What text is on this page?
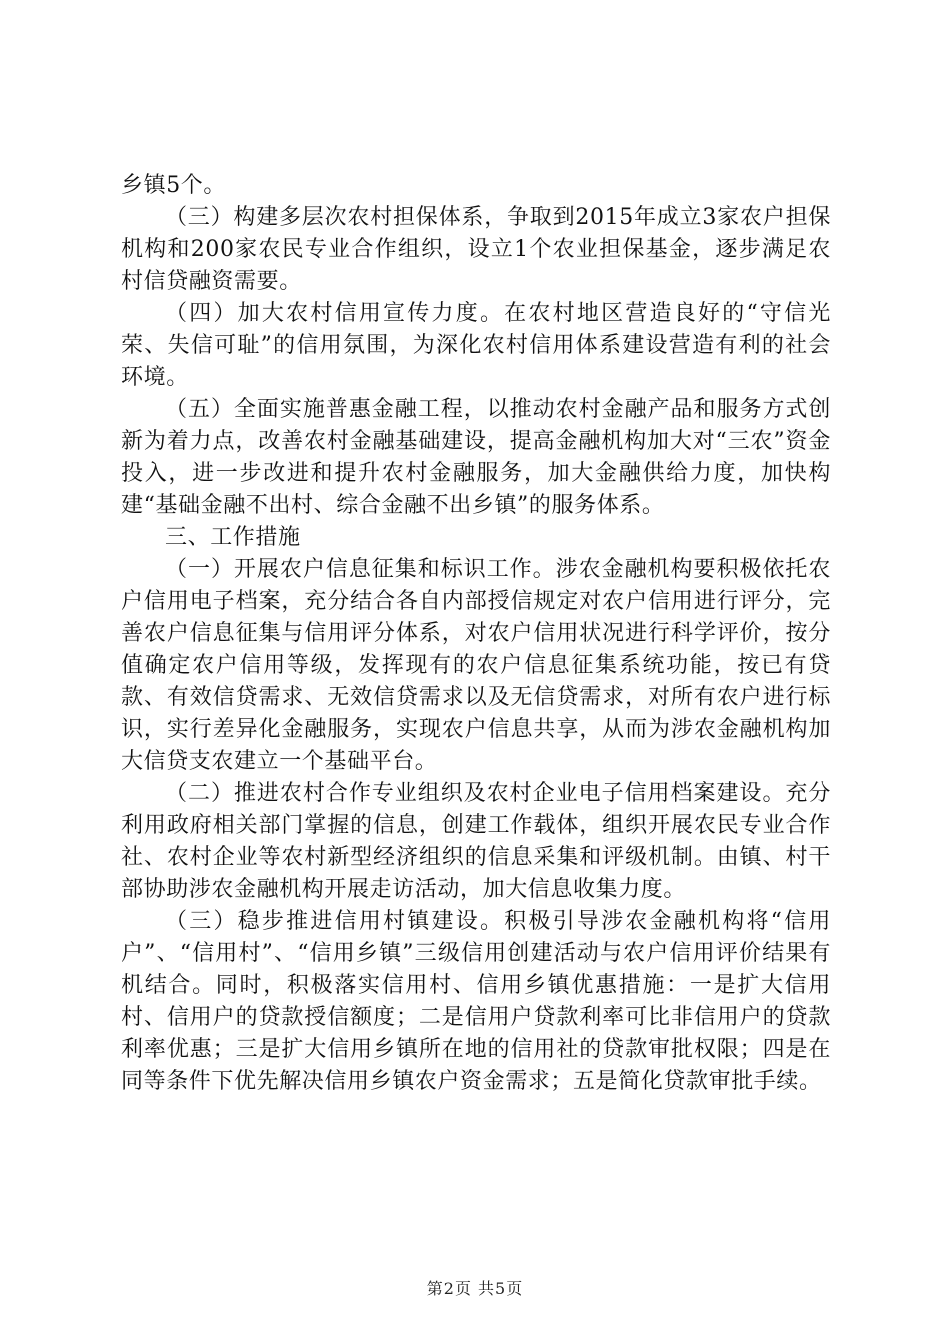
乡镇5个。

（三）构建多层次农村担保体系，争取到2015年成立3家农户担保机构和200家农民专业合作组织，设立1个农业担保基金，逐步满足农村信贷融资需要。

（四）加大农村信用宣传力度。在农村地区营造良好的“守信光荣、失信可耻”的信用氛围，为深化农村信用体系建设营造有利的社会环境。

（五）全面实施普惠金融工程，以推动农村金融产品和服务方式创新为着力点，改善农村金融基础建设，提高金融机构加大对“三农”资金投入，进一步改进和提升农村金融服务，加大金融供给力度，加快构建“基础金融不出村、综合金融不出乡镇”的服务体系。

三、工作措施

（一）开展农户信息征集和标识工作。涉农金融机构要积极依托农户信用电子档案，充分结合各自内部授信规定对农户信用进行评分，完善农户信息征集与信用评分体系，对农户信用状况进行科学评价，按分值确定农户信用等级，发挥现有的农户信息征集系统功能，按已有贷款、有效信贷需求、无效信贷需求以及无信贷需求，对所有农户进行标识，实行差异化金融服务，实现农户信息共享，从而为涉农金融机构加大信贷支农建立一个基础平台。

（二）推进农村合作专业组织及农村企业电子信用档案建设。充分利用政府相关部门掌握的信息，创建工作载体，组织开展农民专业合作社、农村企业等农村新型经济组织的信息采集和评级机制。由镇、村干部协助涉农金融机构开展走访活动，加大信息收集力度。

（三）稳步推进信用村镇建设。积极引导涉农金融机构将“信用户”、“信用村”、“信用乡镇”三级信用创建活动与农户信用评价结果有机结合。同时，积极落实信用村、信用乡镇优惠措施：一是扩大信用村、信用户的贷款授信额度；二是信用户贷款利率可比非信用户的贷款利率优惠；三是扩大信用乡镇所在地的信用社的贷款审批权限；四是在同等条件下优先解决信用乡镇农户资金需求；五是简化贷款审批手续。

第2页 共5页
